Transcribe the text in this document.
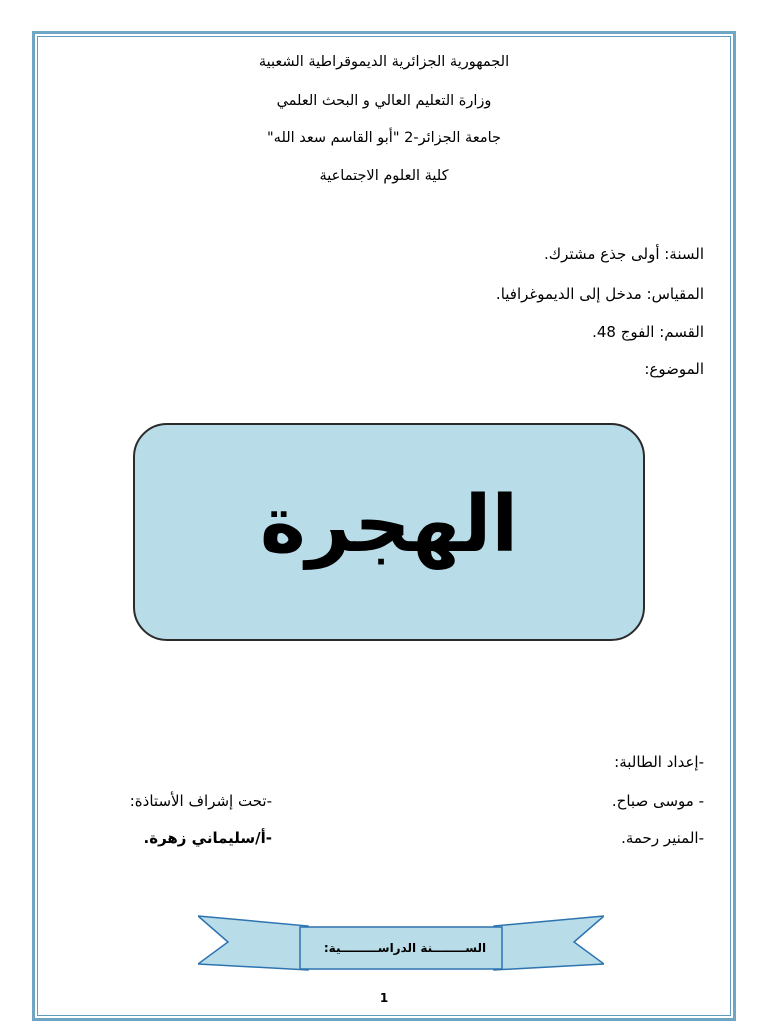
الجمهورية الجزائرية الديموقراطية الشعبية
وزارة التعليم العالي و البحث العلمي
جامعة الجزائر-2 "أبو القاسم سعد الله"
كلية العلوم الاجتماعية
السنة: أولى جذع مشترك.
المقياس: مدخل إلى الديموغرافيا.
القسم: الفوج 48.
الموضوع:
الهجرة
-إعداد الطالبة:
- موسى صباح.
-المنير رحمة.
-تحت إشراف الأستاذة:
-أ/سليماني زهرة.
الســــــــنة الدراســـــــــية:
1
